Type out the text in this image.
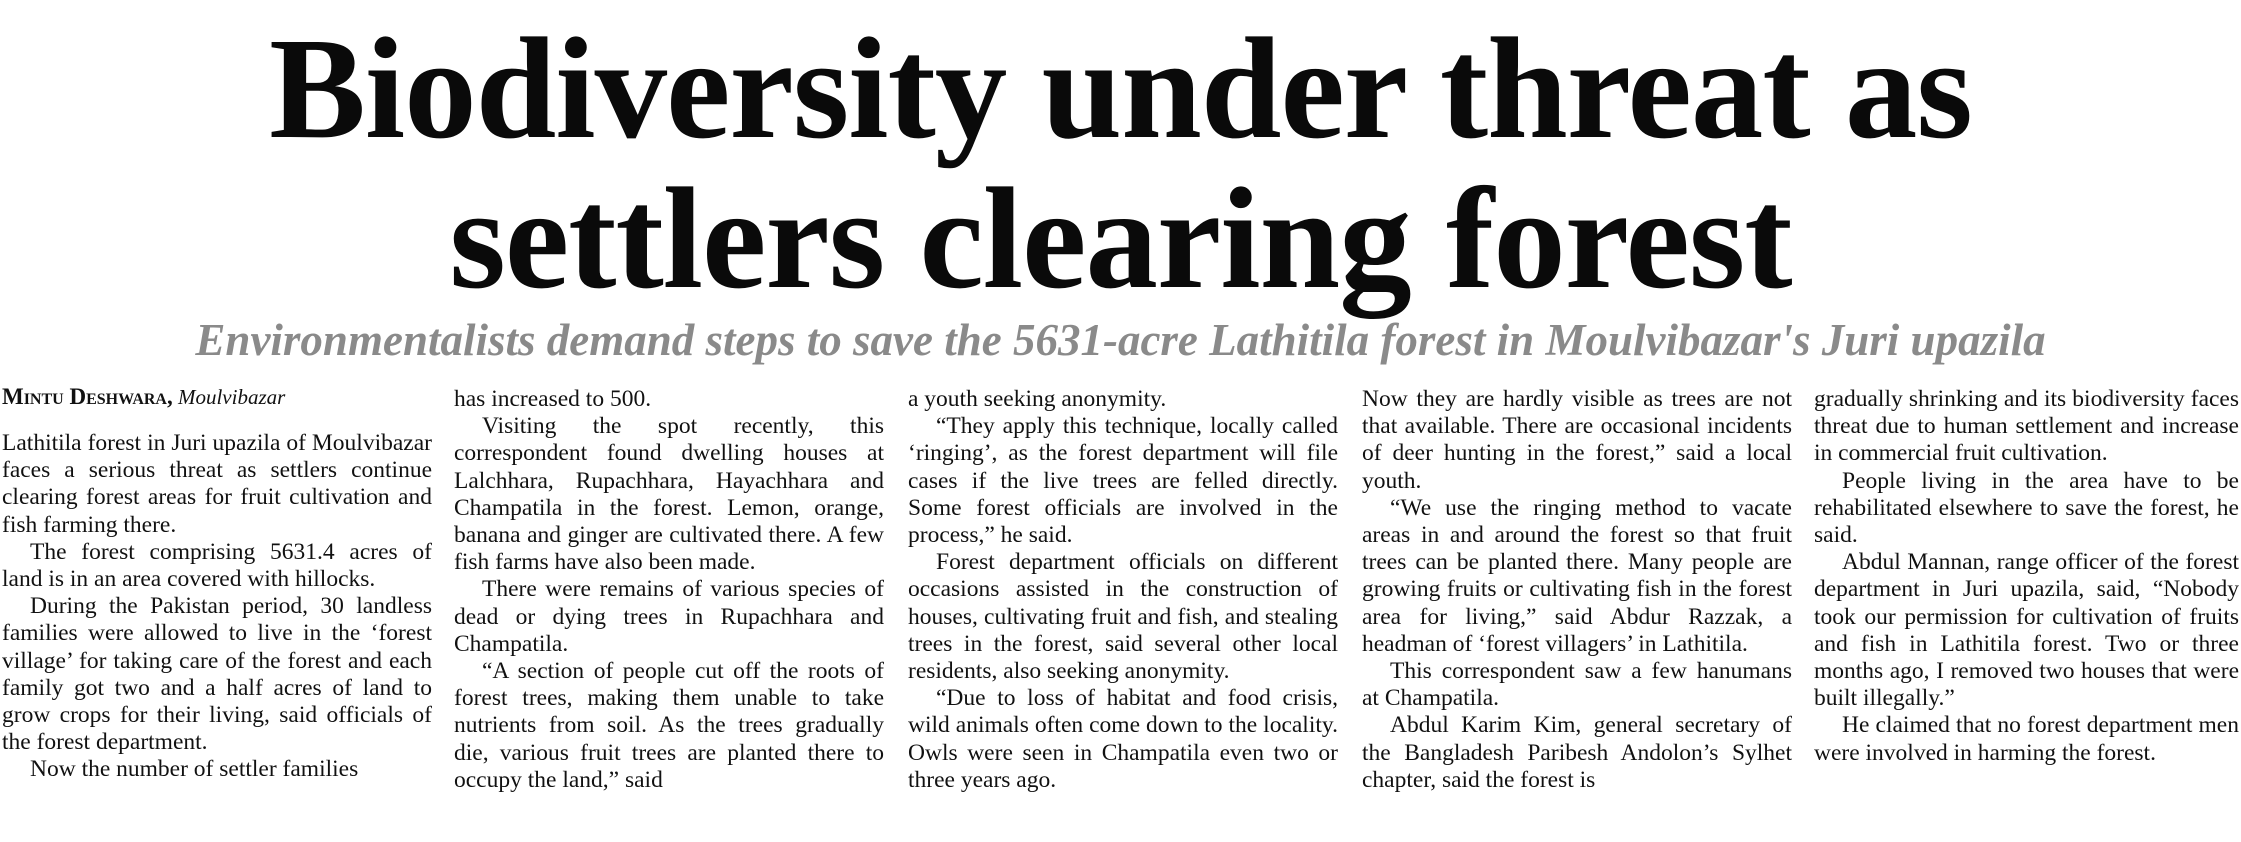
Biodiversity under threat as
settlers clearing forest
Environmentalists demand steps to save the 5631-acre Lathitila forest in Moulvibazar's Juri upazila
Mintu Deshwara, Moulvibazar

Lathitila forest in Juri upazila of Moulvibazar faces a serious threat as settlers continue clearing forest areas for fruit cultivation and fish farming there.

The forest comprising 5631.4 acres of land is in an area covered with hillocks.

During the Pakistan period, 30 landless families were allowed to live in the ‘forest village’ for taking care of the forest and each family got two and a half acres of land to grow crops for their living, said officials of the forest department.

Now the number of settler families

has increased to 500.

Visiting the spot recently, this correspondent found dwelling houses at Lalchhara, Rupachhara, Hayachhara and Champatila in the forest. Lemon, orange, banana and ginger are cultivated there. A few fish farms have also been made.

There were remains of various species of dead or dying trees in Rupachhara and Champatila.

“A section of people cut off the roots of forest trees, making them unable to take nutrients from soil. As the trees gradually die, various fruit trees are planted there to occupy the land,” said

a youth seeking anonymity.

“They apply this technique, locally called ‘ringing’, as the forest department will file cases if the live trees are felled directly. Some forest officials are involved in the process,” he said.

Forest department officials on different occasions assisted in the construction of houses, cultivating fruit and fish, and stealing trees in the forest, said several other local residents, also seeking anonymity.

“Due to loss of habitat and food crisis, wild animals often come down to the locality. Owls were seen in Champatila even two or three years ago.

Now they are hardly visible as trees are not that available. There are occasional incidents of deer hunting in the forest,” said a local youth.

“We use the ringing method to vacate areas in and around the forest so that fruit trees can be planted there. Many people are growing fruits or cultivating fish in the forest area for living,” said Abdur Razzak, a headman of ‘forest villagers’ in Lathitila.

This correspondent saw a few hanumans at Champatila.

Abdul Karim Kim, general secretary of the Bangladesh Paribesh Andolon’s Sylhet chapter, said the forest is

gradually shrinking and its biodiversity faces threat due to human settlement and increase in commercial fruit cultivation.

People living in the area have to be rehabilitated elsewhere to save the forest, he said.

Abdul Mannan, range officer of the forest department in Juri upazila, said, “Nobody took our permission for cultivation of fruits and fish in Lathitila forest. Two or three months ago, I removed two houses that were built illegally.”

He claimed that no forest department men were involved in harming the forest.
